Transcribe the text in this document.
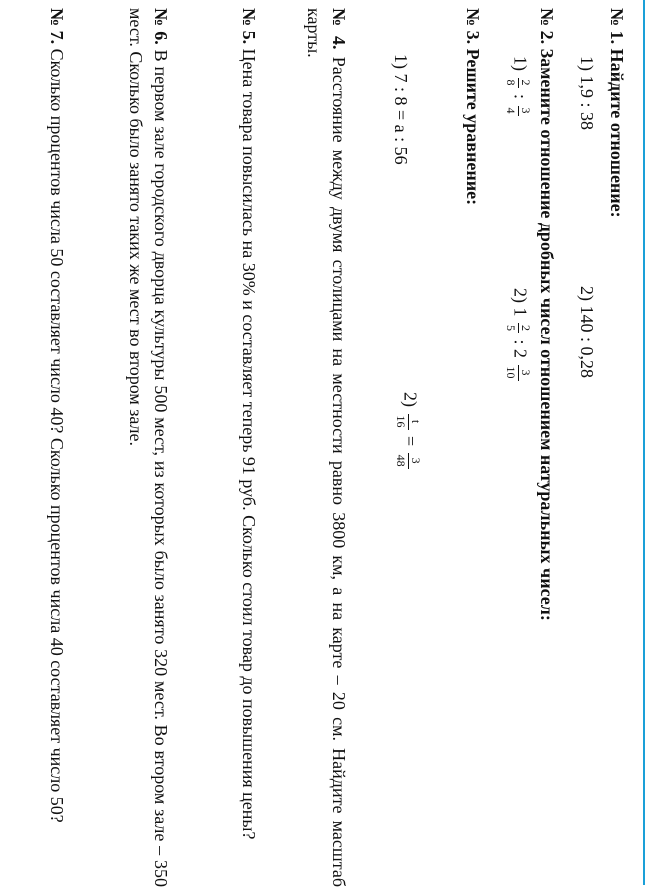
№ 1. Найдите отношение:
1) 1,9 : 38
2) 140 : 0,28
№ 2. Замените отношение дробных чисел отношением натуральных чисел:
1)
2
8
:
3
4
2) 1
2
5
: 2
3
10
№ 3. Решите уравнение:
1) 7 : 8 = a : 56
2)
t
16
=
3
48
№ 4. Расстояние между двумя столицами на местности равно 3800 км, а на карте – 20 см. Найдите масштаб карты.
№ 5. Цена товара повысилась на 30% и составляет теперь 91 руб. Сколько стоил товар до повышения цены?
№ 6. В первом зале городского дворца культуры 500 мест, из которых было занято 320 мест. Во втором зале – 350 мест. Сколько было занято таких же мест во втором зале.
№ 7. Сколько процентов числа 50 составляет число 40? Сколько процентов числа 40 составляет число 50?
